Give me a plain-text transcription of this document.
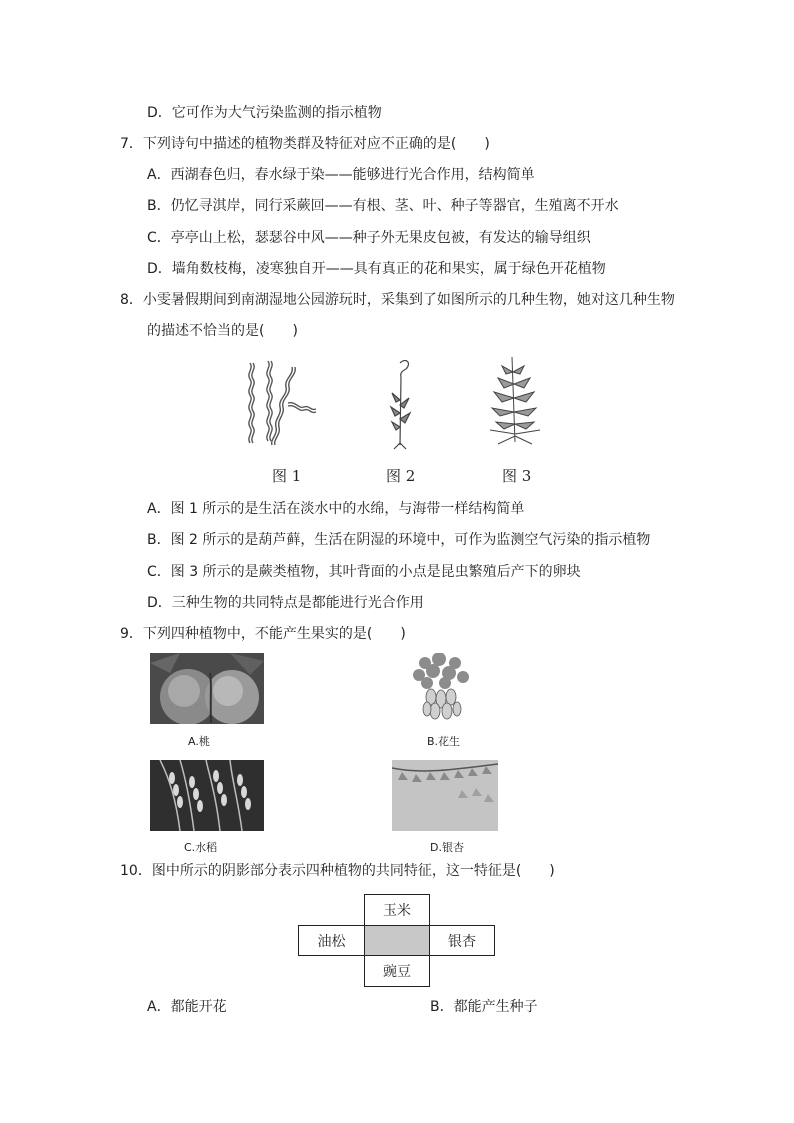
D．它可作为大气污染监测的指示植物
7．下列诗句中描述的植物类群及特征对应不正确的是(　　)
A．西湖春色归，春水绿于染——能够进行光合作用，结构简单
B．仍忆寻淇岸，同行采蕨回——有根、茎、叶、种子等器官，生殖离不开水
C．亭亭山上松，瑟瑟谷中风——种子外无果皮包被，有发达的输导组织
D．墙角数枝梅，凌寒独自开——具有真正的花和果实，属于绿色开花植物
8．小雯暑假期间到南湖湿地公园游玩时，采集到了如图所示的几种生物，她对这几种生物
的描述不恰当的是(　　)
图 1	图 2	图 3
A．图 1 所示的是生活在淡水中的水绵，与海带一样结构简单
B．图 2 所示的是葫芦藓，生活在阴湿的环境中，可作为监测空气污染的指示植物
C．图 3 所示的是蕨类植物，其叶背面的小点是昆虫繁殖后产下的卵块
D．三种生物的共同特点是都能进行光合作用
9．下列四种植物中，不能产生果实的是(　　)
A.桃	B.花生
C.水稻	D.银杏
10．图中所示的阴影部分表示四种植物的共同特征，这一特征是(　　)
玉米
油松	银杏
豌豆
A．都能开花	B．都能产生种子
